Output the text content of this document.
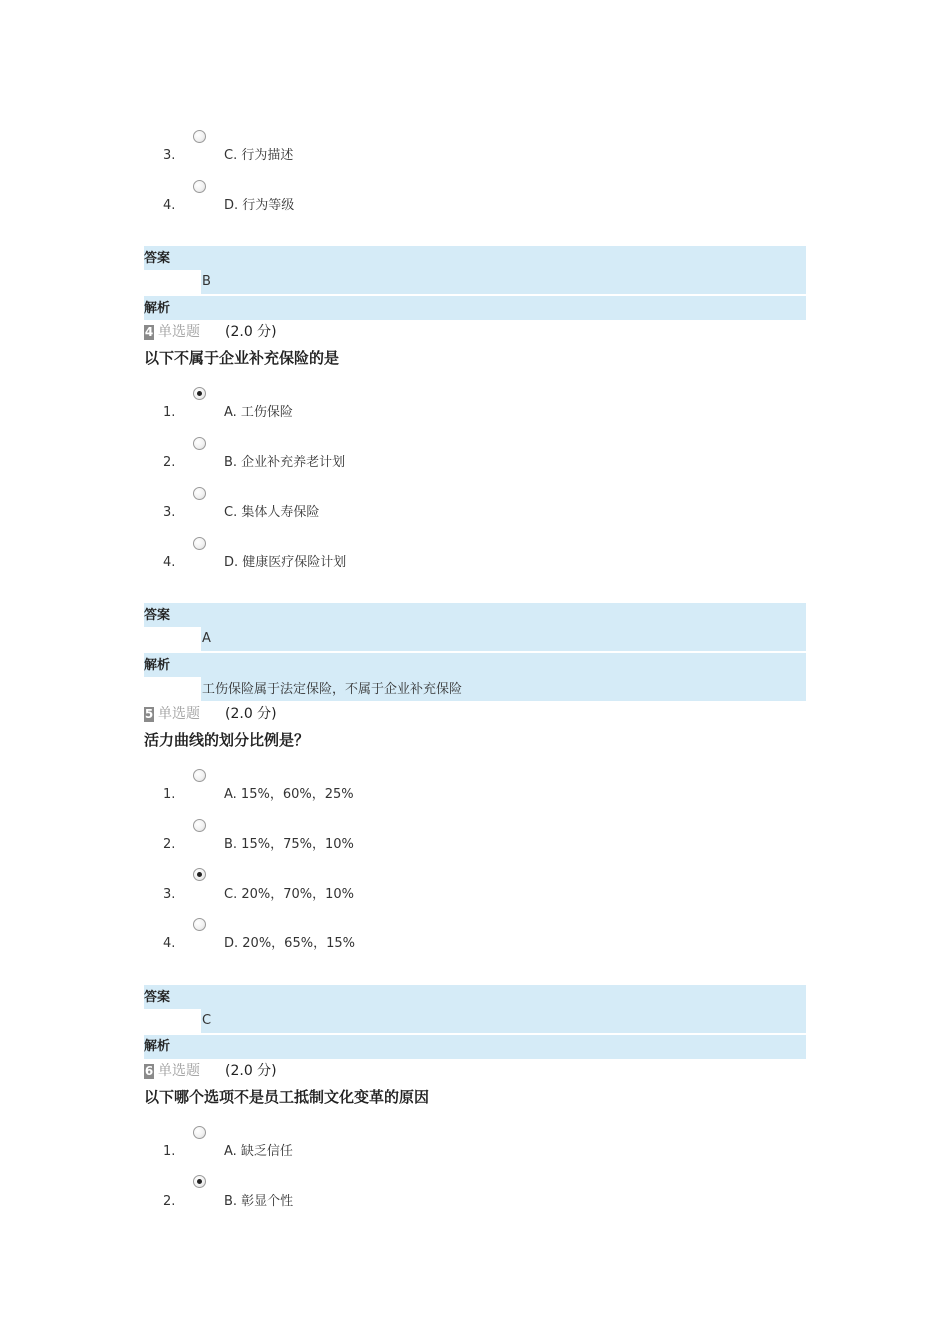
3.	C. 行为描述
4.	D. 行为等级
答案
B
解析
4 单选题 (2.0 分)
以下不属于企业补充保险的是
1.	A. 工伤保险
2.	B. 企业补充养老计划
3.	C. 集体人寿保险
4.	D. 健康医疗保险计划
答案
A
解析
工伤保险属于法定保险，不属于企业补充保险
5 单选题 (2.0 分)
活力曲线的划分比例是？
1.	A. 15%，60%，25%
2.	B. 15%，75%，10%
3.	C. 20%，70%，10%
4.	D. 20%，65%，15%
答案
C
解析
6 单选题 (2.0 分)
以下哪个选项不是员工抵制文化变革的原因
1.	A. 缺乏信任
2.	B. 彰显个性
